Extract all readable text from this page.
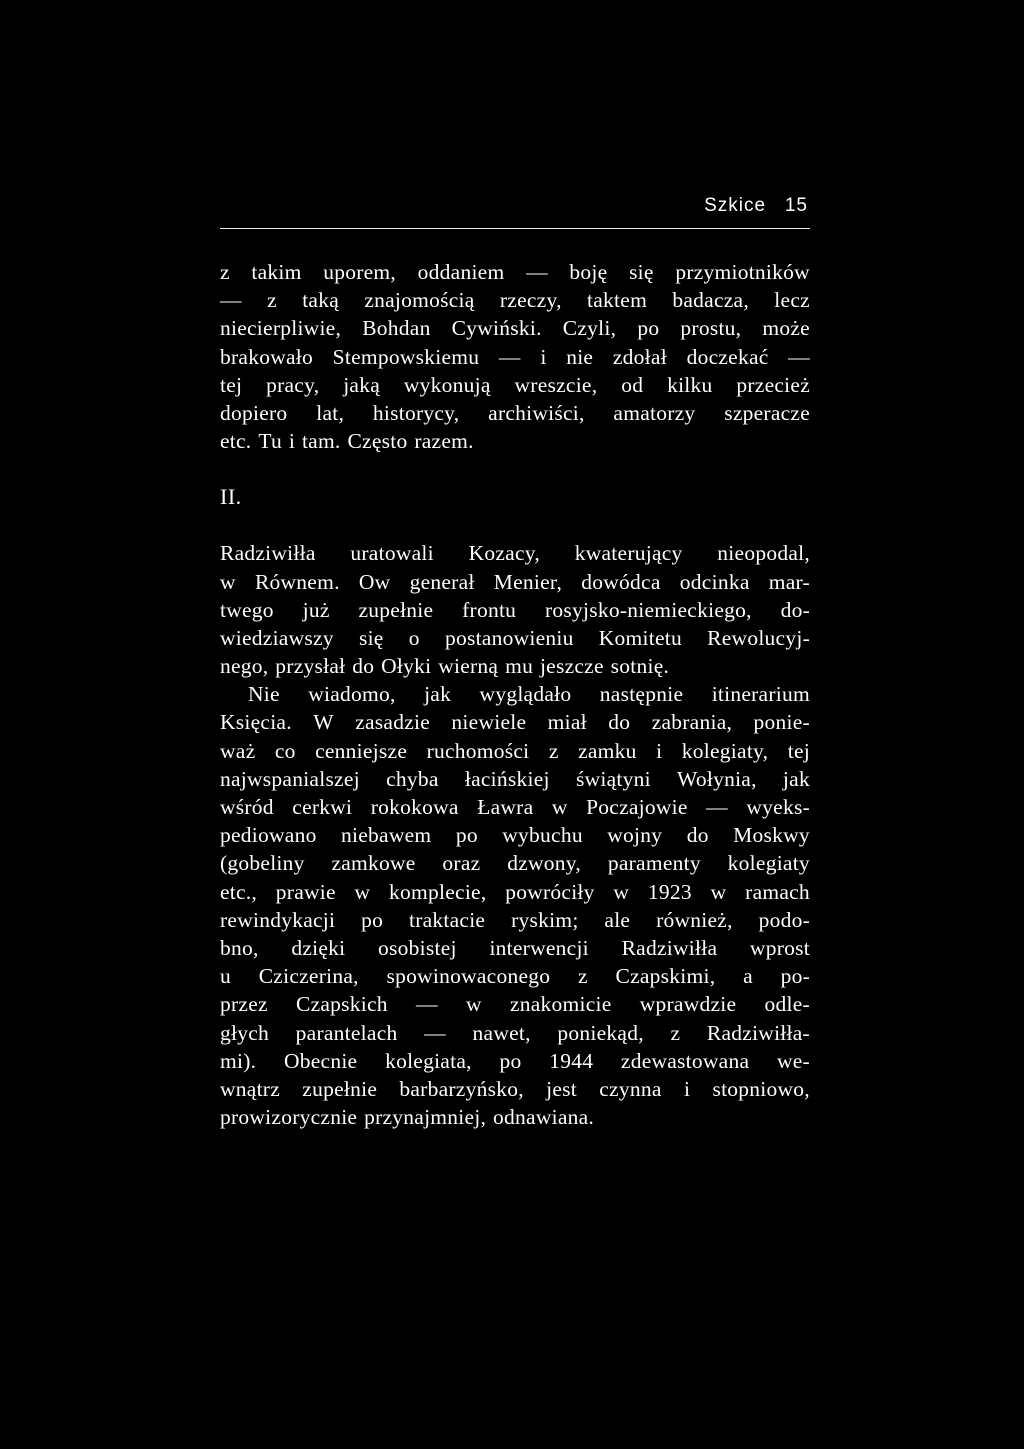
Szkice   15
z takim uporem, oddaniem — boję się przymiotników
— z taką znajomością rzeczy, taktem badacza, lecz
niecierpliwie, Bohdan Cywiński. Czyli, po prostu, może
brakowało Stempowskiemu — i nie zdołał doczekać —
tej pracy, jaką wykonują wreszcie, od kilku przecież
dopiero lat, historycy, archiwiści, amatorzy szperacze
etc. Tu i tam. Często razem.
II.
Radziwiłła uratowali Kozacy, kwaterujący nieopodal,
w Równem. Ow generał Menier, dowódca odcinka mar-
twego już zupełnie frontu rosyjsko-niemieckiego, do-
wiedziawszy się o postanowieniu Komitetu Rewolucyj-
nego, przysłał do Ołyki wierną mu jeszcze sotnię.
Nie wiadomo, jak wyglądało następnie itinerarium
Księcia. W zasadzie niewiele miał do zabrania, ponie-
waż co cenniejsze ruchomości z zamku i kolegiaty, tej
najwspanialszej chyba łacińskiej świątyni Wołynia, jak
wśród cerkwi rokokowa Ławra w Poczajowie — wyeks-
pediowano niebawem po wybuchu wojny do Moskwy
(gobeliny zamkowe oraz dzwony, paramenty kolegiaty
etc., prawie w komplecie, powróciły w 1923 w ramach
rewindykacji po traktacie ryskim; ale również, podo-
bno, dzięki osobistej interwencji Radziwiłła wprost
u Cziczerina, spowinowaconego z Czapskimi, a po-
przez Czapskich — w znakomicie wprawdzie odle-
głych parantelach — nawet, poniekąd, z Radziwiłła-
mi). Obecnie kolegiata, po 1944 zdewastowana we-
wnątrz zupełnie barbarzyńsko, jest czynna i stopniowo,
prowizorycznie przynajmniej, odnawiana.
